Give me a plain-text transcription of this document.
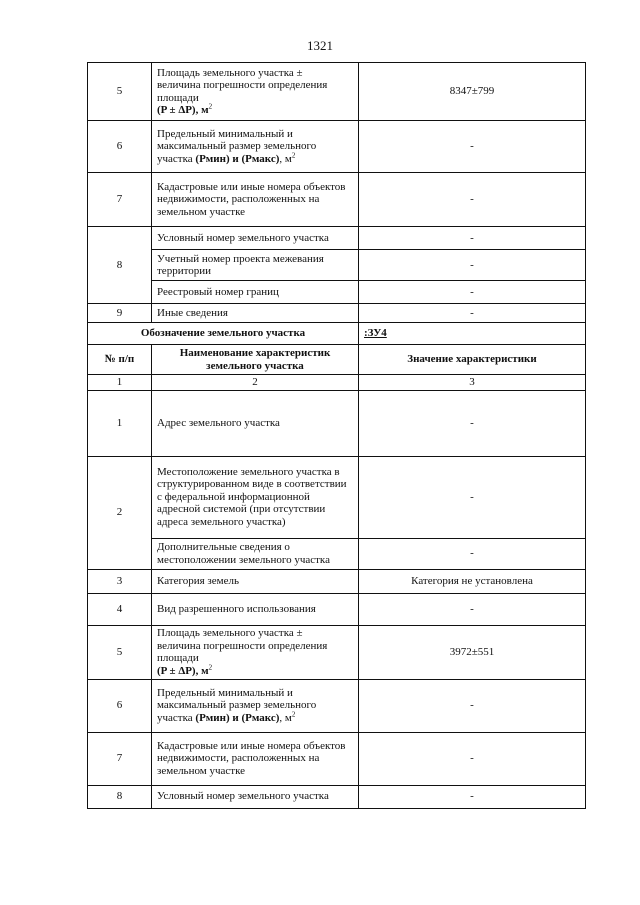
1321
5	Площадь земельного участка ±
величина погрешности определения
площади
(P ± ΔP), $м^2$	8347±799
6	Предельный минимальный и
максимальный размер земельного
участка (Рмин) и (Рмакс), $м^2$	-
7	Кадастровые или иные номера объектов недвижимости, расположенных на земельном участке	-
8	Условный номер земельного участка	-
	Учетный номер проекта межевания территории	-
	Реестровый номер границ	-
9	Иные сведения	-
Обозначение земельного участка		:ЗУ4
№ п/п	Наименование характеристик земельного участка	Значение характеристики
1	2	3
1	Адрес земельного участка	-
2	Местоположение земельного участка в структурированном виде в соответствии с федеральной информационной адресной системой (при отсутствии адреса земельного участка)	-
	Дополнительные сведения о местоположении земельного участка	-
3	Категория земель	Категория не установлена
4	Вид разрешенного использования	-
5	Площадь земельного участка ±
величина погрешности определения
площади
(P ± ΔP), $м^2$	3972±551
6	Предельный минимальный и
максимальный размер земельного
участка (Рмин) и (Рмакс), $м^2$	-
7	Кадастровые или иные номера объектов недвижимости, расположенных на земельном участке	-
8	Условный номер земельного участка	-
